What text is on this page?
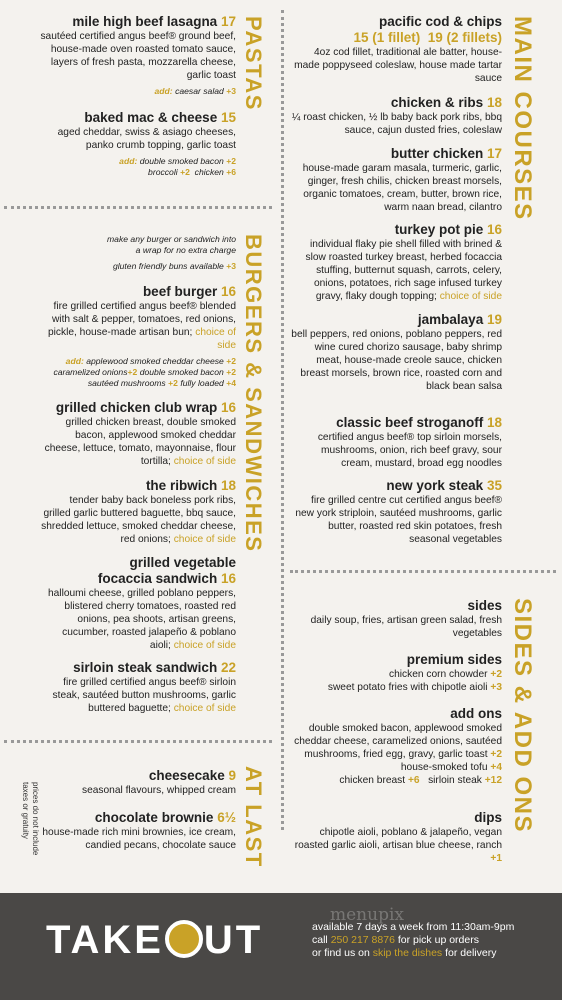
PASTAS
mile high beef lasagna 17
sautéed certified angus beef® ground beef, house-made oven roasted tomato sauce, layers of fresh pasta, mozzarella cheese, garlic toast
add: caesar salad +3
baked mac & cheese 15
aged cheddar, swiss & asiago cheeses, panko crumb topping, garlic toast
add: double smoked bacon +2
broccoli +2 chicken +6
BURGERS & SANDWICHES
make any burger or sandwich into
a wrap for no extra charge
gluten friendly buns available +3
beef burger 16
fire grilled certified angus beef® blended with salt & pepper, tomatoes, red onions, pickle, house-made artisan bun; choice of side
add: applewood smoked cheddar cheese +2
caramelized onions+2 double smoked bacon +2
sautéed mushrooms +2 fully loaded +4
grilled chicken club wrap 16
grilled chicken breast, double smoked bacon, applewood smoked cheddar cheese, lettuce, tomato, mayonnaise, flour tortilla; choice of side
the ribwich 18
tender baby back boneless pork ribs, grilled garlic buttered baguette, bbq sauce, shredded lettuce, smoked cheddar cheese, red onions; choice of side
grilled vegetable
focaccia sandwich 16
halloumi cheese, grilled poblano peppers, blistered cherry tomatoes, roasted red onions, pea shoots, artisan greens, cucumber, roasted jalapeño & poblano aioli; choice of side
sirloin steak sandwich 22
fire grilled certified angus beef® sirloin steak, sautéed button mushrooms, garlic buttered baguette; choice of side
AT LAST
cheesecake 9
seasonal flavours, whipped cream
chocolate brownie 6½
house-made rich mini brownies, ice cream, candied pecans, chocolate sauce
prices do not include taxes or gratuity
MAIN COURSES
pacific cod & chips
15 (1 fillet)  19 (2 fillets)
4oz cod fillet, traditional ale batter, house-made poppyseed coleslaw, house made tartar sauce
chicken & ribs 18
¼ roast chicken, ½ lb baby back pork ribs, bbq sauce, cajun dusted fries, coleslaw
butter chicken 17
house-made garam masala, turmeric, garlic, ginger, fresh chilis, chicken breast morsels, organic tomatoes, cream, butter, brown rice, warm naan bread, cilantro
turkey pot pie 16
individual flaky pie shell filled with brined & slow roasted turkey breast, herbed focaccia stuffing, butternut squash, carrots, celery, onions, potatoes, rich sage infused turkey gravy, flaky dough topping; choice of side
jambalaya 19
bell peppers, red onions, poblano peppers, red wine cured chorizo sausage, baby shrimp meat, house-made creole sauce, chicken breast morsels, brown rice, roasted corn and black bean salsa
classic beef stroganoff 18
certified angus beef® top sirloin morsels, mushrooms, onion, rich beef gravy, sour cream, mustard, broad egg noodles
new york steak 35
fire grilled centre cut certified angus beef® new york striploin, sautéed mushrooms, garlic butter, roasted red skin potatoes, fresh seasonal vegetables
SIDES & ADD ONS
sides
daily soup, fries, artisan green salad, fresh vegetables
premium sides
chicken corn chowder +2
sweet potato fries with chipotle aioli +3
add ons
double smoked bacon, applewood smoked cheddar cheese, caramelized onions, sautéed mushrooms, fried egg, gravy, garlic toast +2
house-smoked tofu +4
chicken breast +6 sirloin steak +12
dips
chipotle aioli, poblano & jalapeño, vegan roasted garlic aioli, artisan blue cheese, ranch +1
TAKE UT
menupix
available 7 days a week from 11:30am-9pm
call 250 217 8876 for pick up orders
or find us on skip the dishes for delivery
